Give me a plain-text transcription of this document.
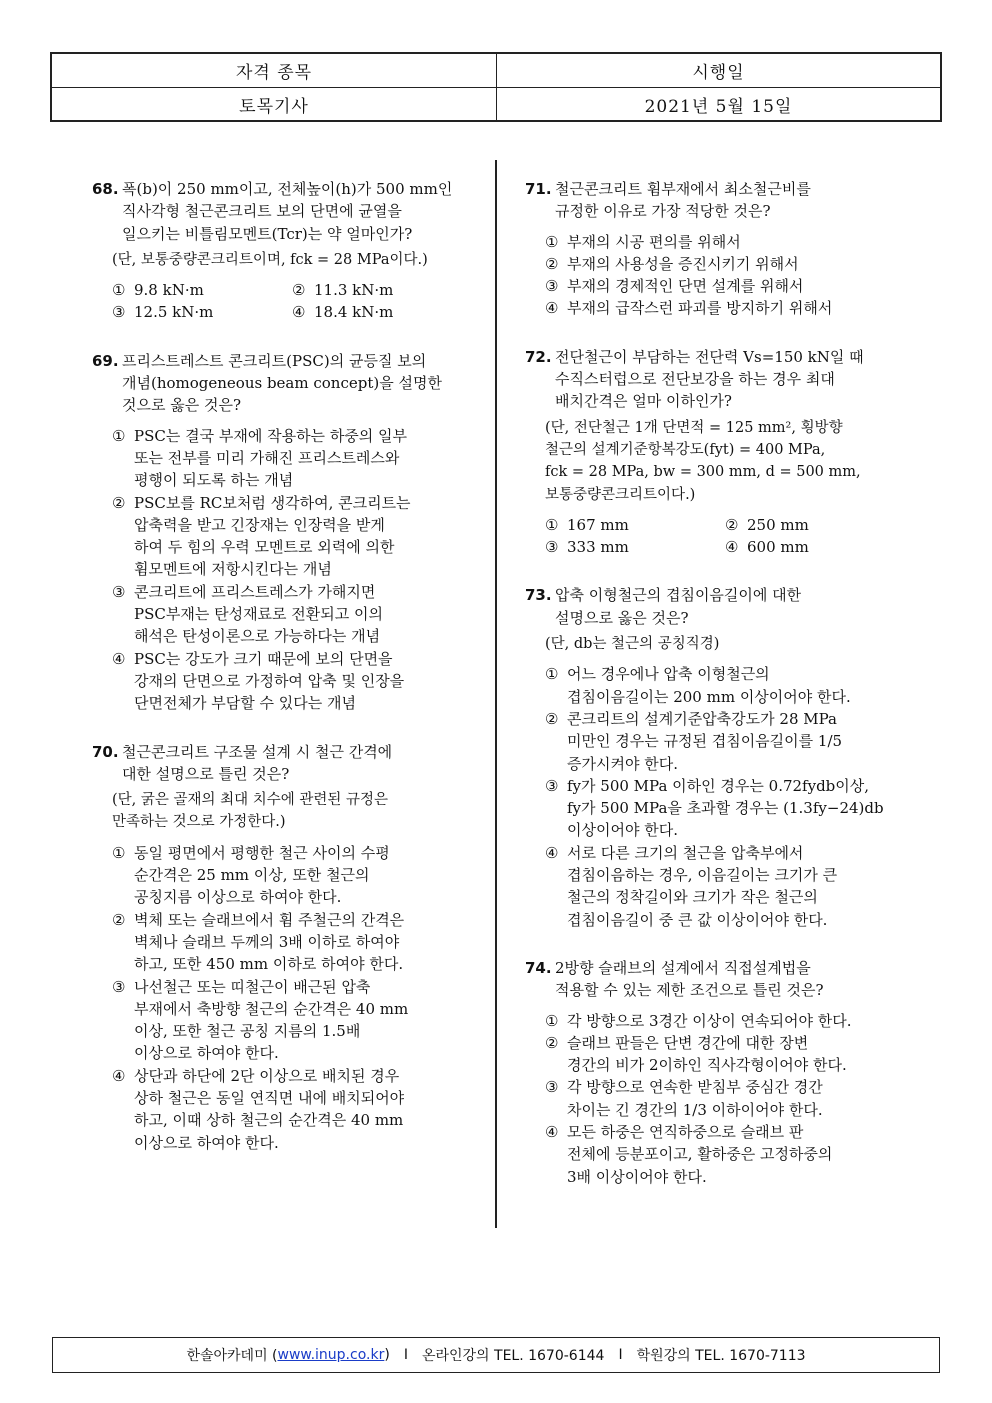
자격 종목	시행일
토목기사	2021년 5월 15일
68. 폭(b)이 250 mm이고, 전체높이(h)가 500 mm인
직사각형 철근콘크리트 보의 단면에 균열을
일으키는 비틀림모멘트(Tcr)는 약 얼마인가?
(단, 보통중량콘크리트이며, fck = 28 MPa이다.)
① 9.8 kN·m	② 11.3 kN·m
③ 12.5 kN·m	④ 18.4 kN·m
69. 프리스트레스트 콘크리트(PSC)의 균등질 보의
개념(homogeneous beam concept)을 설명한
것으로 옳은 것은?
① PSC는 결국 부재에 작용하는 하중의 일부
또는 전부를 미리 가해진 프리스트레스와
평행이 되도록 하는 개념
② PSC보를 RC보처럼 생각하여, 콘크리트는
압축력을 받고 긴장재는 인장력을 받게
하여 두 힘의 우력 모멘트로 외력에 의한
휨모멘트에 저항시킨다는 개념
③ 콘크리트에 프리스트레스가 가해지면
PSC부재는 탄성재료로 전환되고 이의
해석은 탄성이론으로 가능하다는 개념
④ PSC는 강도가 크기 때문에 보의 단면을
강재의 단면으로 가정하여 압축 및 인장을
단면전체가 부담할 수 있다는 개념
70. 철근콘크리트 구조물 설계 시 철근 간격에
대한 설명으로 틀린 것은?
(단, 굵은 골재의 최대 치수에 관련된 규정은
만족하는 것으로 가정한다.)
① 동일 평면에서 평행한 철근 사이의 수평
순간격은 25 mm 이상, 또한 철근의
공칭지름 이상으로 하여야 한다.
② 벽체 또는 슬래브에서 휨 주철근의 간격은
벽체나 슬래브 두께의 3배 이하로 하여야
하고, 또한 450 mm 이하로 하여야 한다.
③ 나선철근 또는 띠철근이 배근된 압축
부재에서 축방향 철근의 순간격은 40 mm
이상, 또한 철근 공칭 지름의 1.5배
이상으로 하여야 한다.
④ 상단과 하단에 2단 이상으로 배치된 경우
상하 철근은 동일 연직면 내에 배치되어야
하고, 이때 상하 철근의 순간격은 40 mm
이상으로 하여야 한다.
71. 철근콘크리트 휨부재에서 최소철근비를
규정한 이유로 가장 적당한 것은?
① 부재의 시공 편의를 위해서
② 부재의 사용성을 증진시키기 위해서
③ 부재의 경제적인 단면 설계를 위해서
④ 부재의 급작스런 파괴를 방지하기 위해서
72. 전단철근이 부담하는 전단력 Vs=150 kN일 때
수직스터럽으로 전단보강을 하는 경우 최대
배치간격은 얼마 이하인가?
(단, 전단철근 1개 단면적 = 125 mm², 횡방향
철근의 설계기준항복강도(fyt) = 400 MPa,
fck = 28 MPa, bw = 300 mm, d = 500 mm,
보통중량콘크리트이다.)
① 167 mm	② 250 mm
③ 333 mm	④ 600 mm
73. 압축 이형철근의 겹침이음길이에 대한
설명으로 옳은 것은?
(단, db는 철근의 공칭직경)
① 어느 경우에나 압축 이형철근의
겹침이음길이는 200 mm 이상이어야 한다.
② 콘크리트의 설계기준압축강도가 28 MPa
미만인 경우는 규정된 겹침이음길이를 1/5
증가시켜야 한다.
③ fy가 500 MPa 이하인 경우는 0.72fydb이상,
fy가 500 MPa을 초과할 경우는 (1.3fy−24)db
이상이어야 한다.
④ 서로 다른 크기의 철근을 압축부에서
겹침이음하는 경우, 이음길이는 크기가 큰
철근의 정착길이와 크기가 작은 철근의
겹침이음길이 중 큰 값 이상이어야 한다.
74. 2방향 슬래브의 설계에서 직접설계법을
적용할 수 있는 제한 조건으로 틀린 것은?
① 각 방향으로 3경간 이상이 연속되어야 한다.
② 슬래브 판들은 단변 경간에 대한 장변
경간의 비가 2이하인 직사각형이어야 한다.
③ 각 방향으로 연속한 받침부 중심간 경간
차이는 긴 경간의 1/3 이하이어야 한다.
④ 모든 하중은 연직하중으로 슬래브 판
전체에 등분포이고, 활하중은 고정하중의
3배 이상이어야 한다.
한솔아카데미 ( www.inup.co.kr ) I 온라인강의 TEL. 1670-6144 I 학원강의 TEL. 1670-7113
